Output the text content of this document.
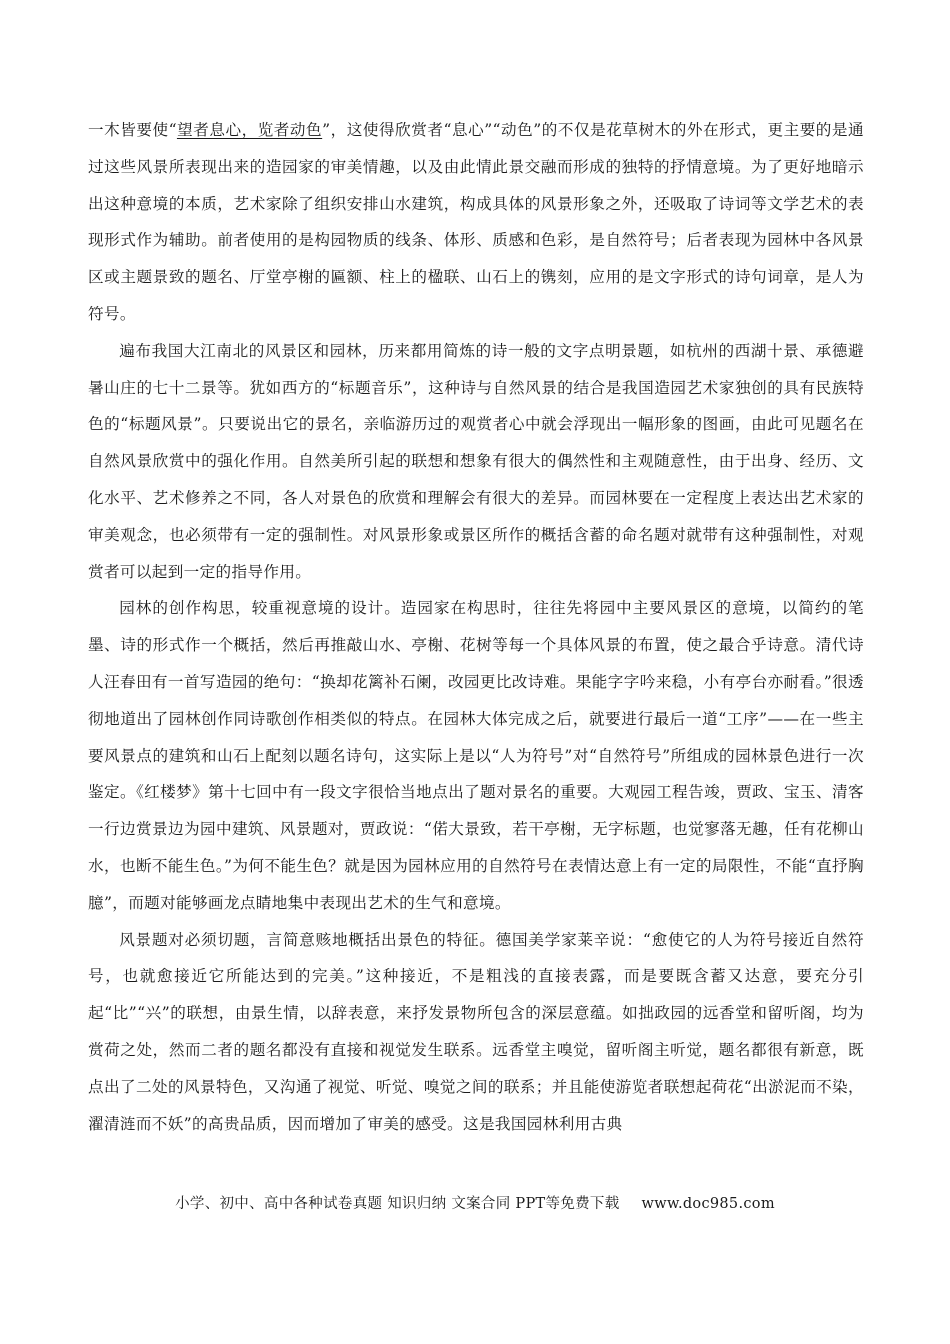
一木皆要使“望者息心，览者动色”，这使得欣赏者“息心”“动色”的不仅是花草树木的外在形式，更主要的是通过这些风景所表现出来的造园家的审美情趣，以及由此情此景交融而形成的独特的抒情意境。为了更好地暗示出这种意境的本质，艺术家除了组织安排山水建筑，构成具体的风景形象之外，还吸取了诗词等文学艺术的表现形式作为辅助。前者使用的是构园物质的线条、体形、质感和色彩，是自然符号；后者表现为园林中各风景区或主题景致的题名、厅堂亭榭的匾额、柱上的楹联、山石上的镌刻，应用的是文字形式的诗句词章，是人为符号。

遍布我国大江南北的风景区和园林，历来都用简炼的诗一般的文字点明景题，如杭州的西湖十景、承德避暑山庄的七十二景等。犹如西方的“标题音乐”，这种诗与自然风景的结合是我国造园艺术家独创的具有民族特色的“标题风景”。只要说出它的景名，亲临游历过的观赏者心中就会浮现出一幅形象的图画，由此可见题名在自然风景欣赏中的强化作用。自然美所引起的联想和想象有很大的偶然性和主观随意性，由于出身、经历、文化水平、艺术修养之不同，各人对景色的欣赏和理解会有很大的差异。而园林要在一定程度上表达出艺术家的审美观念，也必须带有一定的强制性。对风景形象或景区所作的概括含蓄的命名题对就带有这种强制性，对观赏者可以起到一定的指导作用。

园林的创作构思，较重视意境的设计。造园家在构思时，往往先将园中主要风景区的意境，以简约的笔墨、诗的形式作一个概括，然后再推敲山水、亭榭、花树等每一个具体风景的布置，使之最合乎诗意。清代诗人汪春田有一首写造园的绝句：“换却花篱补石阑，改园更比改诗难。果能字字吟来稳，小有亭台亦耐看。”很透彻地道出了园林创作同诗歌创作相类似的特点。在园林大体完成之后，就要进行最后一道“工序”——在一些主要风景点的建筑和山石上配刻以题名诗句，这实际上是以“人为符号”对“自然符号”所组成的园林景色进行一次鉴定。《红楼梦》第十七回中有一段文字很恰当地点出了题对景名的重要。大观园工程告竣，贾政、宝玉、清客一行边赏景边为园中建筑、风景题对，贾政说：“偌大景致，若干亭榭，无字标题，也觉寥落无趣，任有花柳山水，也断不能生色。”为何不能生色？就是因为园林应用的自然符号在表情达意上有一定的局限性，不能“直抒胸臆”，而题对能够画龙点睛地集中表现出艺术的生气和意境。

风景题对必须切题，言简意赅地概括出景色的特征。德国美学家莱辛说：“愈使它的人为符号接近自然符号，也就愈接近它所能达到的完美。”这种接近，不是粗浅的直接表露，而是要既含蓄又达意，要充分引起“比”“兴”的联想，由景生情，以辞表意，来抒发景物所包含的深层意蕴。如拙政园的远香堂和留听阁，均为赏荷之处，然而二者的题名都没有直接和视觉发生联系。远香堂主嗅觉，留听阁主听觉，题名都很有新意，既点出了二处的风景特色，又沟通了视觉、听觉、嗅觉之间的联系；并且能使游览者联想起荷花“出淤泥而不染，濯清涟而不妖”的高贵品质，因而增加了审美的感受。这是我国园林利用古典

小学、初中、高中各种试卷真题 知识归纳 文案合同 PPT等免费下载 www.doc985.com
